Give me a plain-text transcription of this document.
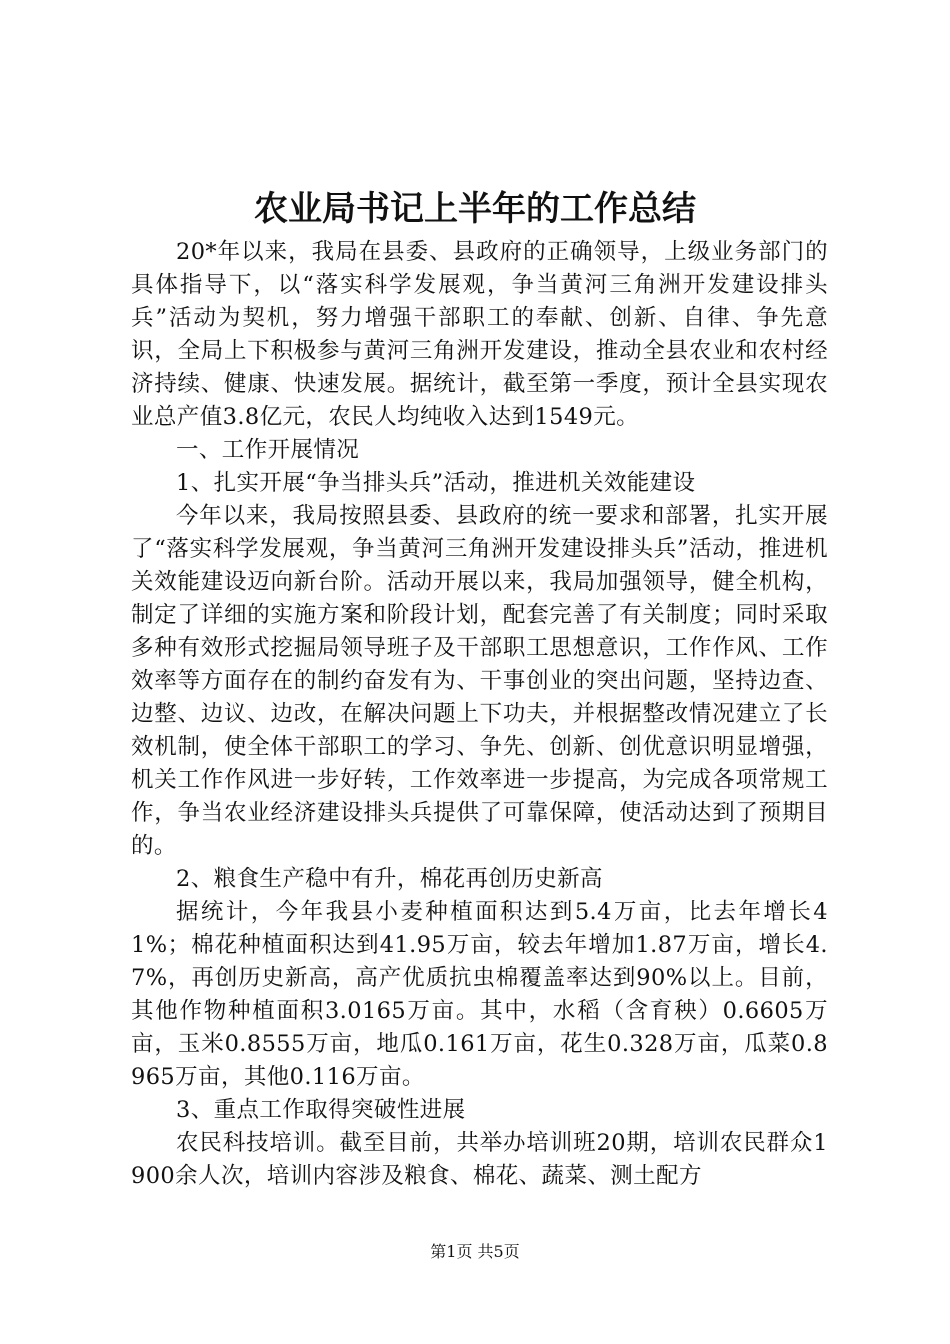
农业局书记上半年的工作总结

20*年以来，我局在县委、县政府的正确领导，上级业务部门的具体指导下，以“落实科学发展观，争当黄河三角洲开发建设排头兵”活动为契机，努力增强干部职工的奉献、创新、自律、争先意识，全局上下积极参与黄河三角洲开发建设，推动全县农业和农村经济持续、健康、快速发展。据统计，截至第一季度，预计全县实现农业总产值3.8亿元，农民人均纯收入达到1549元。

一、工作开展情况

1、扎实开展“争当排头兵”活动，推进机关效能建设

今年以来，我局按照县委、县政府的统一要求和部署，扎实开展了“落实科学发展观，争当黄河三角洲开发建设排头兵”活动，推进机关效能建设迈向新台阶。活动开展以来，我局加强领导，健全机构，制定了详细的实施方案和阶段计划，配套完善了有关制度；同时采取多种有效形式挖掘局领导班子及干部职工思想意识，工作作风、工作效率等方面存在的制约奋发有为、干事创业的突出问题，坚持边查、边整、边议、边改，在解决问题上下功夫，并根据整改情况建立了长效机制，使全体干部职工的学习、争先、创新、创优意识明显增强，机关工作作风进一步好转，工作效率进一步提高，为完成各项常规工作，争当农业经济建设排头兵提供了可靠保障，使活动达到了预期目的。

2、粮食生产稳中有升，棉花再创历史新高

据统计，今年我县小麦种植面积达到5.4万亩，比去年增长41%；棉花种植面积达到41.95万亩，较去年增加1.87万亩，增长4.7%，再创历史新高，高产优质抗虫棉覆盖率达到90%以上。目前，其他作物种植面积3.0165万亩。其中，水稻（含育秧）0.6605万亩，玉米0.8555万亩，地瓜0.161万亩，花生0.328万亩，瓜菜0.8965万亩，其他0.116万亩。

3、重点工作取得突破性进展

农民科技培训。截至目前，共举办培训班20期，培训农民群众1900余人次，培训内容涉及粮食、棉花、蔬菜、测土配方

第1页 共5页
